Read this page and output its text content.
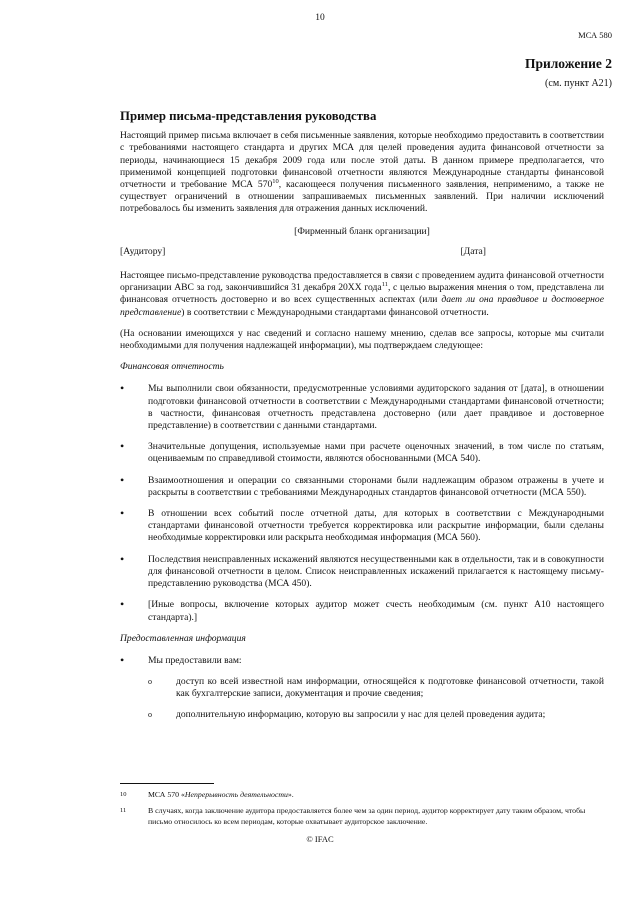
10
МСА 580
Приложение 2
(см. пункт A21)
Пример письма-представления руководства

Настоящий пример письма включает в себя письменные заявления, которые необходимо предоставить в соответствии с требованиями настоящего стандарта и других МСА для целей проведения аудита финансовой отчетности за периоды, начинающиеся 15 декабря 2009 года или после этой даты. В данном примере предполагается, что применимой концепцией подготовки финансовой отчетности являются Международные стандарты финансовой отчетности и требование МСА $570^{10}$, касающееся получения письменного заявления, неприменимо, а также не существует ограничений в отношении запрашиваемых письменных заявлений. При наличии исключений потребовалось бы изменить заявления для отражения данных исключений.

[Фирменный бланк организации]
[Аудитору]	[Дата]

Настоящее письмо-представление руководства предоставляется в связи с проведением аудита финансовой отчетности организации ABC за год, закончившийся 31 декабря 20XX года$^{11}$, с целью выражения мнения о том, представлена ли финансовая отчетность достоверно и во всех существенных аспектах (или дает ли она правдивое и достоверное представление) в соответствии с Международными стандартами финансовой отчетности.

(На основании имеющихся у нас сведений и согласно нашему мнению, сделав все запросы, которые мы считали необходимыми для получения надлежащей информации), мы подтверждаем следующее:

Финансовая отчетность
• Мы выполнили свои обязанности, предусмотренные условиями аудиторского задания от [дата], в отношении подготовки финансовой отчетности в соответствии с Международными стандартами финансовой отчетности; в частности, финансовая отчетность представлена достоверно (или дает правдивое и достоверное представление) в соответствии с данными стандартами.
• Значительные допущения, используемые нами при расчете оценочных значений, в том числе по статьям, оцениваемым по справедливой стоимости, являются обоснованными (МСА 540).
• Взаимоотношения и операции со связанными сторонами были надлежащим образом отражены в учете и раскрыты в соответствии с требованиями Международных стандартов финансовой отчетности (МСА 550).
• В отношении всех событий после отчетной даты, для которых в соответствии с Международными стандартами финансовой отчетности требуется корректировка или раскрытие информации, были сделаны необходимые корректировки или раскрыта необходимая информация (МСА 560).
• Последствия неисправленных искажений являются несущественными как в отдельности, так и в совокупности для финансовой отчетности в целом. Список неисправленных искажений прилагается к настоящему письму-представлению руководства (МСА 450).
• [Иные вопросы, включение которых аудитор может счесть необходимым (см. пункт A10 настоящего стандарта).]
Предоставленная информация
• Мы предоставили вам:
o	доступ ко всей известной нам информации, относящейся к подготовке финансовой отчетности, такой как бухгалтерские записи, документация и прочие сведения;
o	дополнительную информацию, которую вы запросили у нас для целей проведения аудита;
10	МСА 570 «Непрерывность деятельности».
11	В случаях, когда заключение аудитора предоставляется более чем за один период, аудитор корректирует дату таким образом, чтобы письмо относилось ко всем периодам, которые охватывает аудиторское заключение.
© IFAC
